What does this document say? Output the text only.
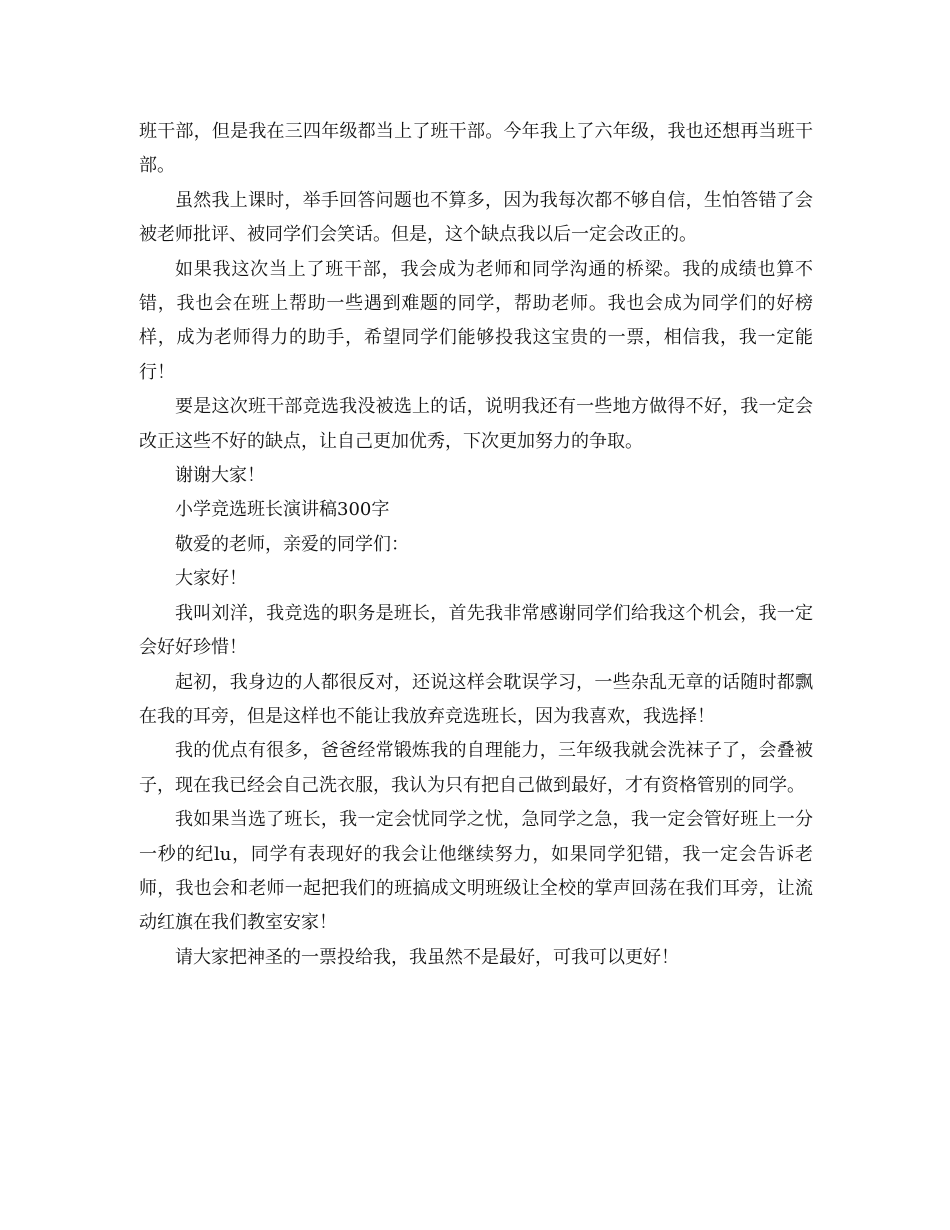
班干部，但是我在三四年级都当上了班干部。今年我上了六年级，我也还想再当班干部。

虽然我上课时，举手回答问题也不算多，因为我每次都不够自信，生怕答错了会被老师批评、被同学们会笑话。但是，这个缺点我以后一定会改正的。

如果我这次当上了班干部，我会成为老师和同学沟通的桥梁。我的成绩也算不错，我也会在班上帮助一些遇到难题的同学，帮助老师。我也会成为同学们的好榜样，成为老师得力的助手，希望同学们能够投我这宝贵的一票，相信我，我一定能行！

要是这次班干部竞选我没被选上的话，说明我还有一些地方做得不好，我一定会改正这些不好的缺点，让自己更加优秀，下次更加努力的争取。

谢谢大家！

小学竞选班长演讲稿300字

敬爱的老师，亲爱的同学们：

大家好！

我叫刘洋，我竞选的职务是班长，首先我非常感谢同学们给我这个机会，我一定会好好珍惜！

起初，我身边的人都很反对，还说这样会耽误学习，一些杂乱无章的话随时都飘在我的耳旁，但是这样也不能让我放弃竞选班长，因为我喜欢，我选择！

我的优点有很多，爸爸经常锻炼我的自理能力，三年级我就会洗袜子了，会叠被子，现在我已经会自己洗衣服，我认为只有把自己做到最好，才有资格管别的同学。

我如果当选了班长，我一定会忧同学之忧，急同学之急，我一定会管好班上一分一秒的纪lu，同学有表现好的我会让他继续努力，如果同学犯错，我一定会告诉老师，我也会和老师一起把我们的班搞成文明班级让全校的掌声回荡在我们耳旁，让流动红旗在我们教室安家！

请大家把神圣的一票投给我，我虽然不是最好，可我可以更好！
